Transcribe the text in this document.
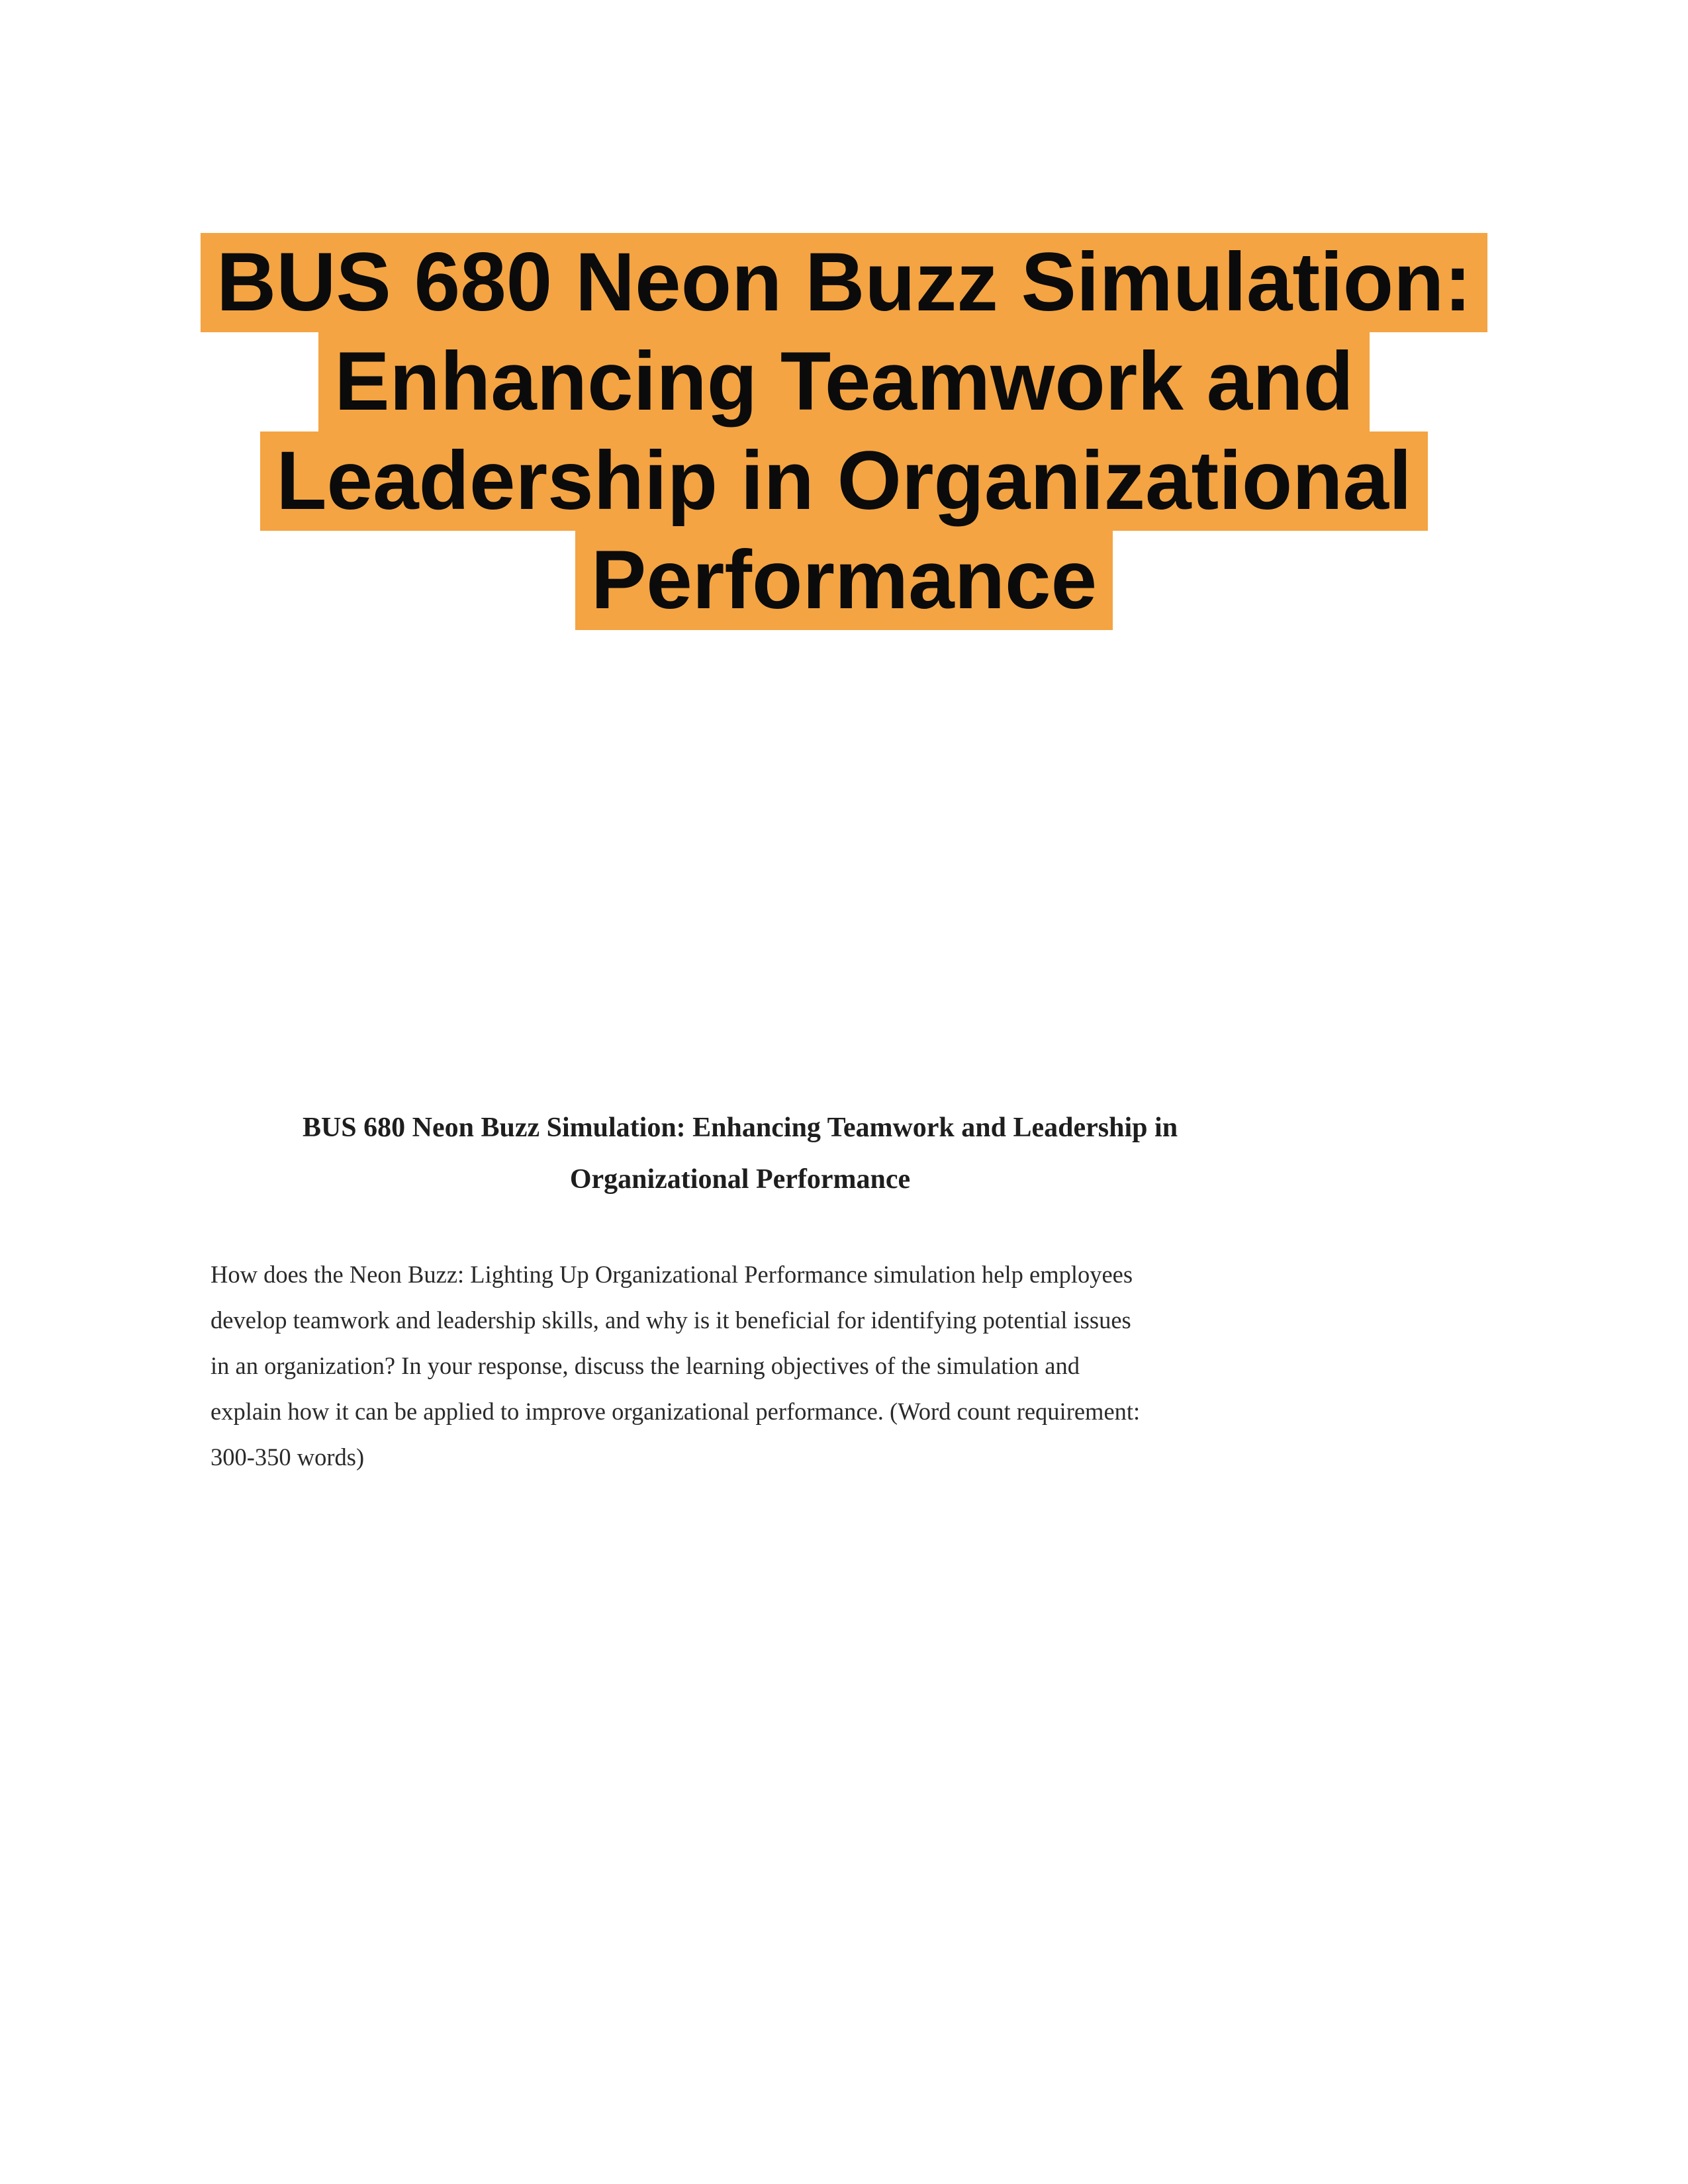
BUS 680 Neon Buzz Simulation:
Enhancing Teamwork and
Leadership in Organizational
Performance
BUS 680 Neon Buzz Simulation: Enhancing Teamwork and Leadership in
Organizational Performance
How does the Neon Buzz: Lighting Up Organizational Performance simulation help employees
develop teamwork and leadership skills, and why is it beneficial for identifying potential issues
in an organization? In your response, discuss the learning objectives of the simulation and
explain how it can be applied to improve organizational performance. (Word count requirement:
300-350 words)
